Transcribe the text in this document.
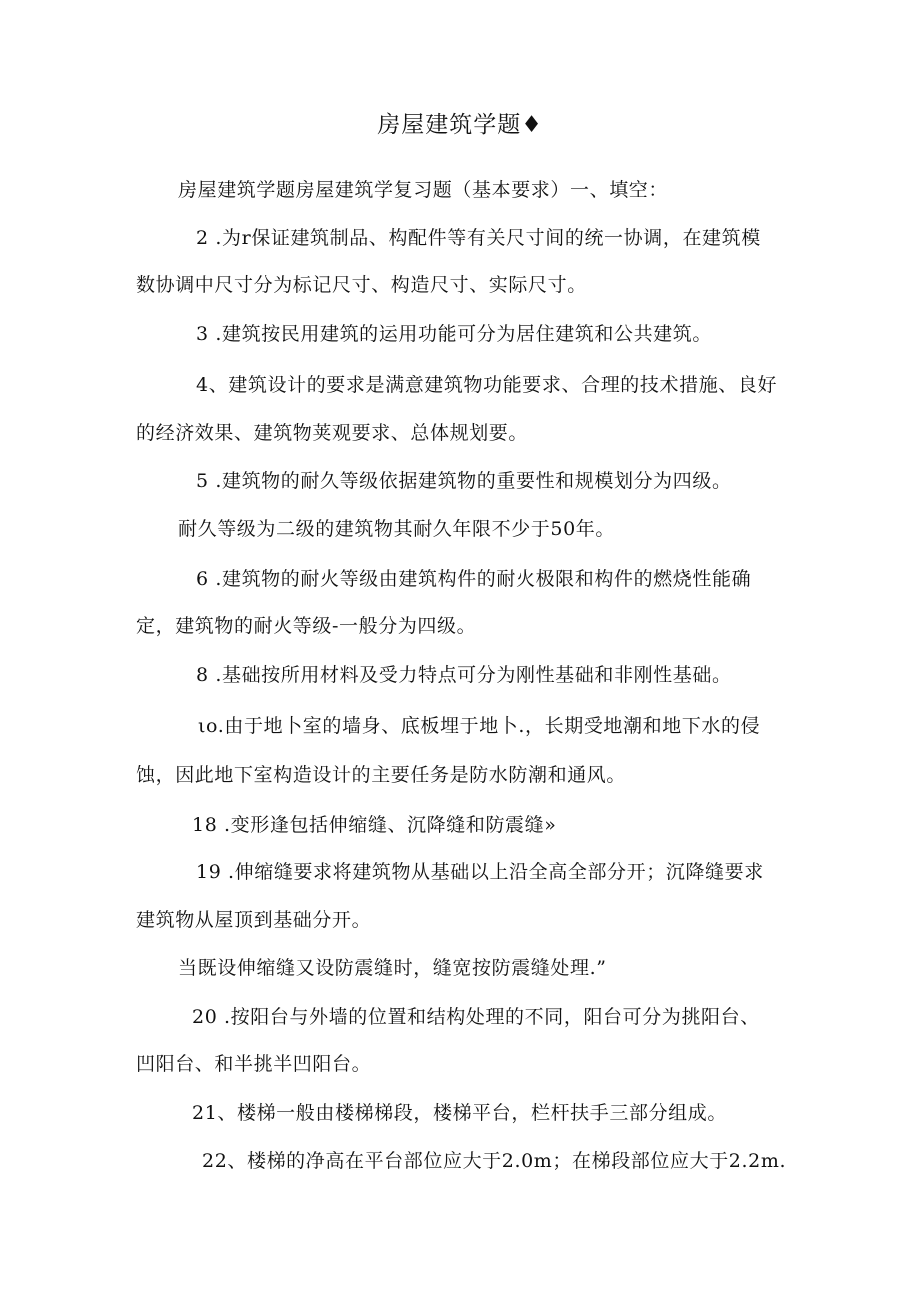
房屋建筑学题♦
房屋建筑学题房屋建筑学复习题（基本要求）一、填空：
2 .为r保证建筑制品、构配件等有关尺寸间的统一协调，在建筑模
数协调中尺寸分为标记尺寸、构造尺寸、实际尺寸。
3 .建筑按民用建筑的运用功能可分为居住建筑和公共建筑。
4、建筑设计的要求是满意建筑物功能要求、合理的技术措施、良好
的经济效果、建筑物荚观要求、总体规划要。
5 .建筑物的耐久等级依据建筑物的重要性和规模划分为四级。
耐久等级为二级的建筑物其耐久年限不少于50年。
6 .建筑物的耐火等级由建筑构件的耐火极限和构件的燃烧性能确
定，建筑物的耐火等级-一般分为四级。
8 .基础按所用材料及受力特点可分为刚性基础和非刚性基础。
ιo.由于地卜室的墙身、底板埋于地卜.，长期受地潮和地下水的侵
蚀，因此地下室构造设计的主要任务是防水防潮和通风。
18 .变形逢包括伸缩缝、沉降缝和防震缝»
19 .伸缩缝要求将建筑物从基础以上沿全高全部分开；沉降缝要求
建筑物从屋顶到基础分开。
当既设伸缩缝又设防震缝时，缝宽按防震缝处理.”
20 .按阳台与外墙的位置和结构处理的不同，阳台可分为挑阳台、
凹阳台、和半挑半凹阳台。
21、楼梯一般由楼梯梯段，楼梯平台，栏杆扶手三部分组成。
22、楼梯的净高在平台部位应大于2.0m；在梯段部位应大于2.2m.
